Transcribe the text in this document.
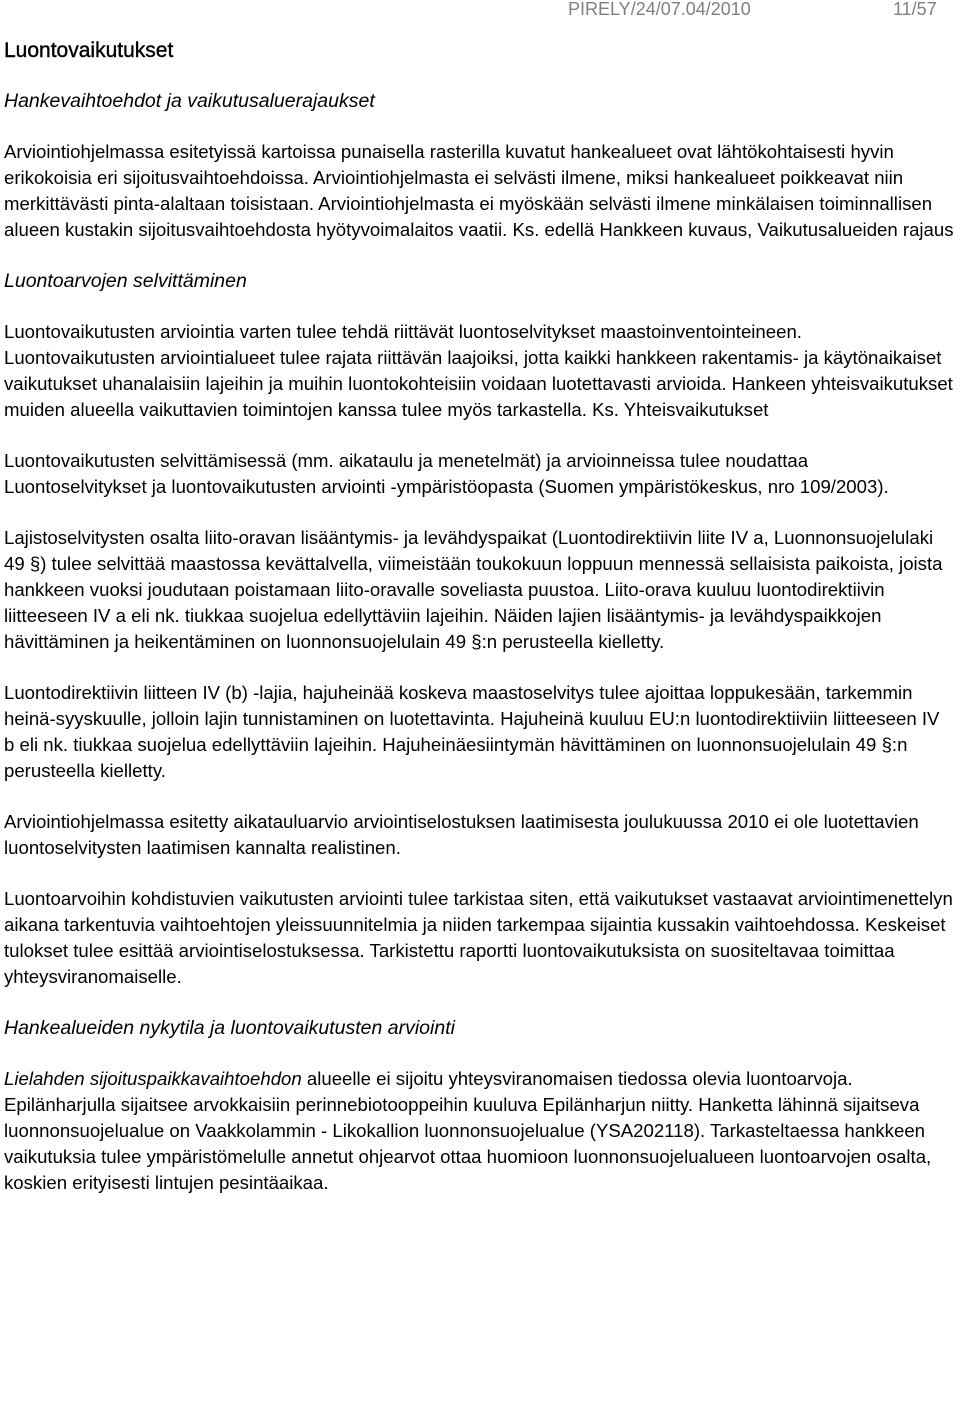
PIRELY/24/07.04/2010	11/57
Luontovaikutukset
Hankevaihtoehdot ja vaikutusaluerajaukset

Arviointiohjelmassa esitetyissä kartoissa punaisella rasterilla kuvatut hankealueet ovat lähtökohtaisesti hyvin erikokoisia eri sijoitusvaihtoehdoissa. Arviointiohjelmasta ei selvästi ilmene, miksi hankealueet poikkeavat niin merkittävästi pinta-alaltaan toisistaan. Arviointiohjelmasta ei myöskään selvästi ilmene minkälaisen toiminnallisen alueen kustakin sijoitusvaihtoehdosta hyötyvoimalaitos vaatii. Ks. edellä Hankkeen kuvaus, Vaikutusalueiden rajaus

Luontoarvojen selvittäminen

Luontovaikutusten arviointia varten tulee tehdä riittävät luontoselvitykset maastoinventointeineen. Luontovaikutusten arviointialueet tulee rajata riittävän laajoiksi, jotta kaikki hankkeen rakentamis- ja käytönaikaiset vaikutukset uhanalaisiin lajeihin ja muihin luontokohteisiin voidaan luotettavasti arvioida. Hankeen yhteisvaikutukset muiden alueella vaikuttavien toimintojen kanssa tulee myös tarkastella. Ks. Yhteisvaikutukset

Luontovaikutusten selvittämisessä (mm. aikataulu ja menetelmät) ja arvioinneissa tulee noudattaa Luontoselvitykset ja luontovaikutusten arviointi -ympäristöopasta (Suomen ympäristökeskus, nro 109/2003).

Lajistoselvitysten osalta liito-oravan lisääntymis- ja levähdyspaikat (Luontodirektiivin liite IV a, Luonnonsuojelulaki 49 §) tulee selvittää maastossa kevättalvella, viimeistään toukokuun loppuun mennessä sellaisista paikoista, joista hankkeen vuoksi joudutaan poistamaan liito-oravalle soveliasta puustoa. Liito-orava kuuluu luontodirektiivin liitteeseen IV a eli nk. tiukkaa suojelua edellyttäviin lajeihin. Näiden lajien lisääntymis- ja levähdyspaikkojen hävittäminen ja heikentäminen on luonnonsuojelulain 49 §:n perusteella kielletty.

Luontodirektiivin liitteen IV (b) -lajia, hajuheinää koskeva maastoselvitys tulee ajoittaa loppukesään, tarkemmin heinä-syyskuulle, jolloin lajin tunnistaminen on luotettavinta. Hajuheinä kuuluu EU:n luontodirektiiviin liitteeseen IV b eli nk. tiukkaa suojelua edellyttäviin lajeihin. Hajuheinäesiintymän hävittäminen on luonnonsuojelulain 49 §:n perusteella kielletty.

Arviointiohjelmassa esitetty aikatauluarvio arviointiselostuksen laatimisesta joulukuussa 2010 ei ole luotettavien luontoselvitysten laatimisen kannalta realistinen.

Luontoarvoihin kohdistuvien vaikutusten arviointi tulee tarkistaa siten, että vaikutukset vastaavat arviointimenettelyn aikana tarkentuvia vaihtoehtojen yleissuunnitelmia ja niiden tarkempaa sijaintia kussakin vaihtoehdossa. Keskeiset tulokset tulee esittää arviointiselostuksessa. Tarkistettu raportti luontovaikutuksista on suositeltavaa toimittaa yhteysviranomaiselle.

Hankealueiden nykytila ja luontovaikutusten arviointi

Lielahden sijoituspaikkavaihtoehdon alueelle ei sijoitu yhteysviranomaisen tiedossa olevia luontoarvoja. Epilänharjulla sijaitsee arvokkaisiin perinnebiotooppeihin kuuluva Epilänharjun niitty. Hanketta lähinnä sijaitseva luonnonsuojelualue on Vaakkolammin - Likokallion luonnonsuojelualue (YSA202118). Tarkasteltaessa hankkeen vaikutuksia tulee ympäristömelulle annetut ohjearvot ottaa huomioon luonnonsuojelualueen luontoarvojen osalta, koskien erityisesti lintujen pesintäaikaa.
